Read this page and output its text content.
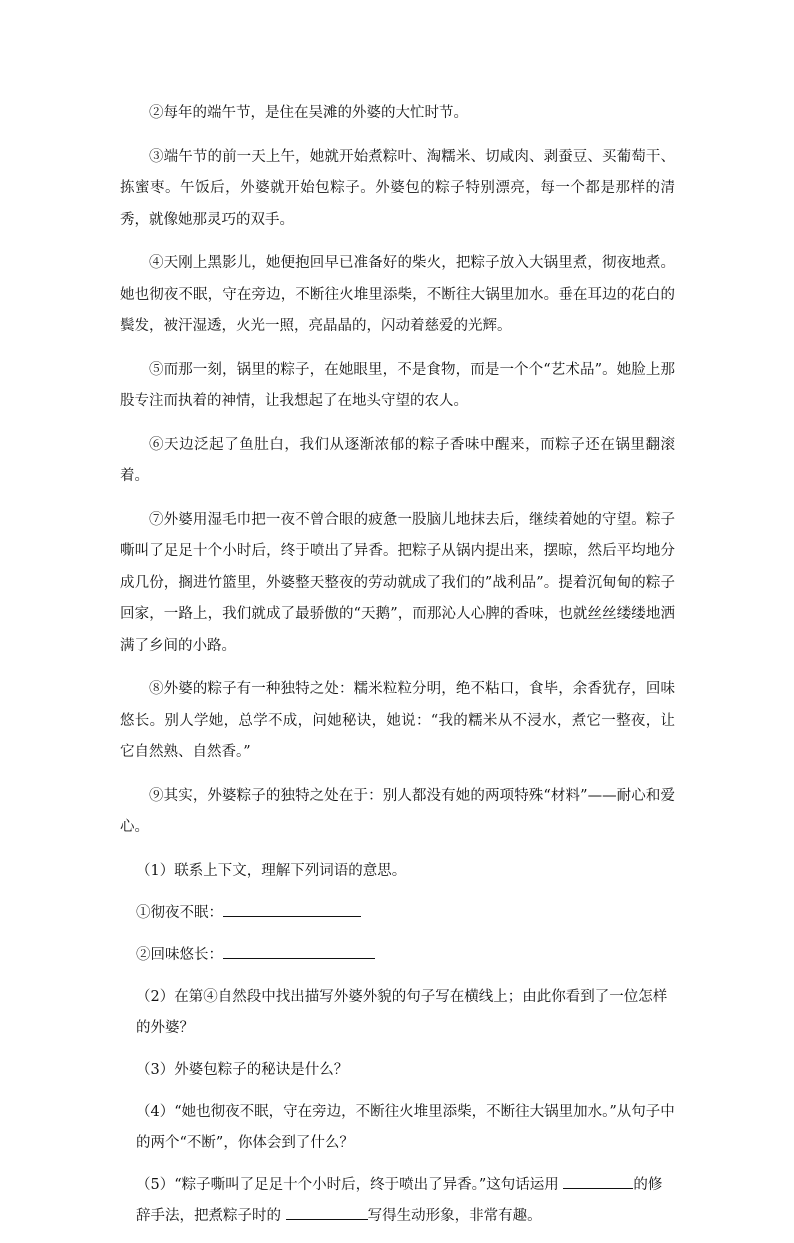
②每年的端午节，是住在吴滩的外婆的大忙时节。

③端午节的前一天上午，她就开始煮粽叶、淘糯米、切咸肉、剥蚕豆、买葡萄干、拣蜜枣。午饭后，外婆就开始包粽子。外婆包的粽子特别漂亮，每一个都是那样的清秀，就像她那灵巧的双手。

④天刚上黑影儿，她便抱回早已准备好的柴火，把粽子放入大锅里煮，彻夜地煮。她也彻夜不眠，守在旁边，不断往火堆里添柴，不断往大锅里加水。垂在耳边的花白的鬓发，被汗湿透，火光一照，亮晶晶的，闪动着慈爱的光辉。

⑤而那一刻，锅里的粽子，在她眼里，不是食物，而是一个个“艺术品”。她脸上那股专注而执着的神情，让我想起了在地头守望的农人。

⑥天边泛起了鱼肚白，我们从逐渐浓郁的粽子香味中醒来，而粽子还在锅里翻滚着。

⑦外婆用湿毛巾把一夜不曾合眼的疲惫一股脑儿地抹去后，继续着她的守望。粽子嘶叫了足足十个小时后，终于喷出了异香。把粽子从锅内提出来，摆晾，然后平均地分成几份，搁进竹篮里，外婆整天整夜的劳动就成了我们的”战利品”。提着沉甸甸的粽子回家，一路上，我们就成了最骄傲的“天鹅”，而那沁人心脾的香味，也就丝丝缕缕地洒满了乡间的小路。

⑧外婆的粽子有一种独特之处：糯米粒粒分明，绝不粘口，食毕，余香犹存，回味悠长。别人学她，总学不成，问她秘诀，她说：“我的糯米从不浸水，煮它一整夜，让它自然熟、自然香。”

⑨其实，外婆粽子的独特之处在于：别人都没有她的两项特殊“材料”——耐心和爱心。

（1）联系上下文，理解下列词语的意思。

①彻夜不眠：

②回味悠长：

（2）在第④自然段中找出描写外婆外貌的句子写在横线上；由此你看到了一位怎样的外婆？

（3）外婆包粽子的秘诀是什么？

（4）“她也彻夜不眠，守在旁边，不断往火堆里添柴，不断往大锅里加水。”从句子中的两个“不断”，你体会到了什么？

（5）“粽子嘶叫了足足十个小时后，终于喷出了异香。”这句话运用	的修辞手法，把煮粽子时的	写得生动形象，非常有趣。
